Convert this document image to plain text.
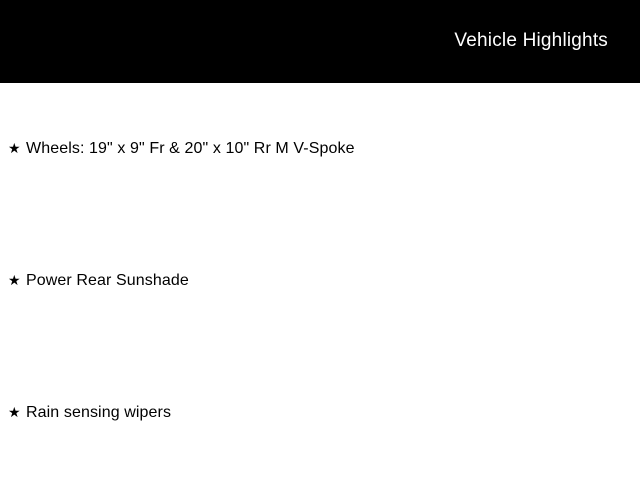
Vehicle Highlights
★ Wheels: 19" x 9" Fr & 20" x 10" Rr M V-Spoke
★ Power Rear Sunshade
★ Rain sensing wipers
